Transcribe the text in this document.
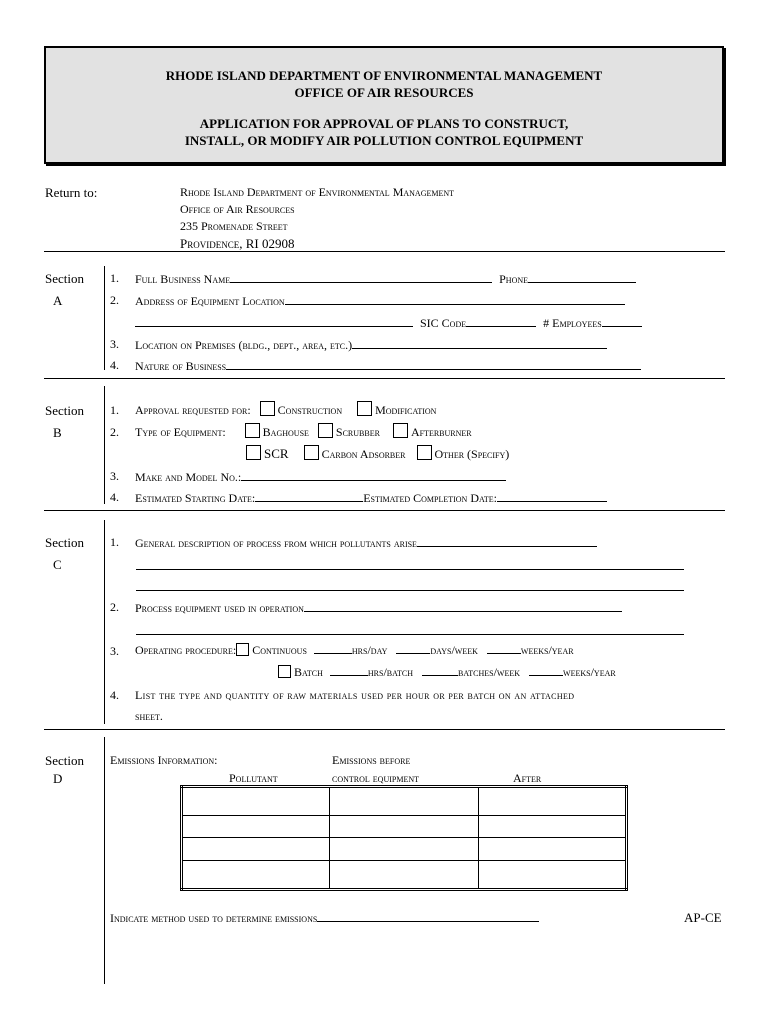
RHODE ISLAND DEPARTMENT OF ENVIRONMENTAL MANAGEMENT
OFFICE OF AIR RESOURCES
APPLICATION FOR APPROVAL OF PLANS TO CONSTRUCT,
INSTALL, OR MODIFY AIR POLLUTION CONTROL EQUIPMENT
Return to:	Rhode Island Department of Environmental Management
Office of Air Resources
235 Promenade Street
Providence, RI 02908
Section
A
1. Full Business Name	Phone
2. Address of Equipment Location
SIC Code	# Employees
3. Location on Premises (bldg., dept., area, etc.)
4. Nature of Business
Section
B
1. Approval requested for: Construction	Modification
2. Type of Equipment:	Baghouse Scrubber	Afterburner
SCR	Carbon Adsorber Other (Specify)
3. Make and Model No.:
4. Estimated Starting Date:	Estimated Completion Date:
Section
C
1. General description of process from which pollutants arise
2. Process equipment used in operation
3. Operating procedure: Continuous	hrs/day	days/week	weeks/year
Batch	hrs/batch	batches/week	weeks/year
4. List the type and quantity of raw materials used per hour or per batch on an attached
sheet.
Section
D
Emissions Information:	Emissions before
Pollutant	control equipment	After

Indicate method used to determine emissions	AP-CE
